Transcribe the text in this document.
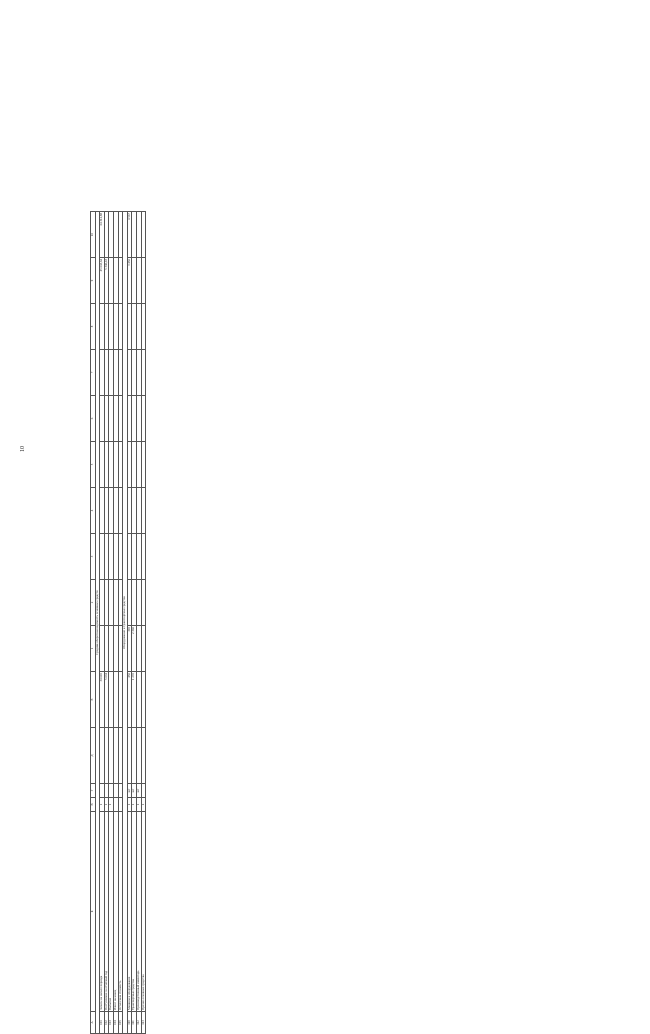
10
А	Б	В	Г	Д	Е	1	2	3	4	5	6	7	8	9	10
Средняя оборотная ведомость основных средств															
101	Запасы на начало периода	1			34 645									45 643,64	64 312,88
102	Поступление за отчетный год	1			5 634									5 346,43	
103	Выбытие	1													
104	Износ на конец														
105	Остаточная стоимость														
Оборудование и транспортные средства															
110	Машины и оборудование	1	шт		456	345								3 456	4 567
111	Транспортные средства	1	шт		1 235	2 346									
112	Производственный инвентарь	1	шт												
113	Прочие основные средства	1													
